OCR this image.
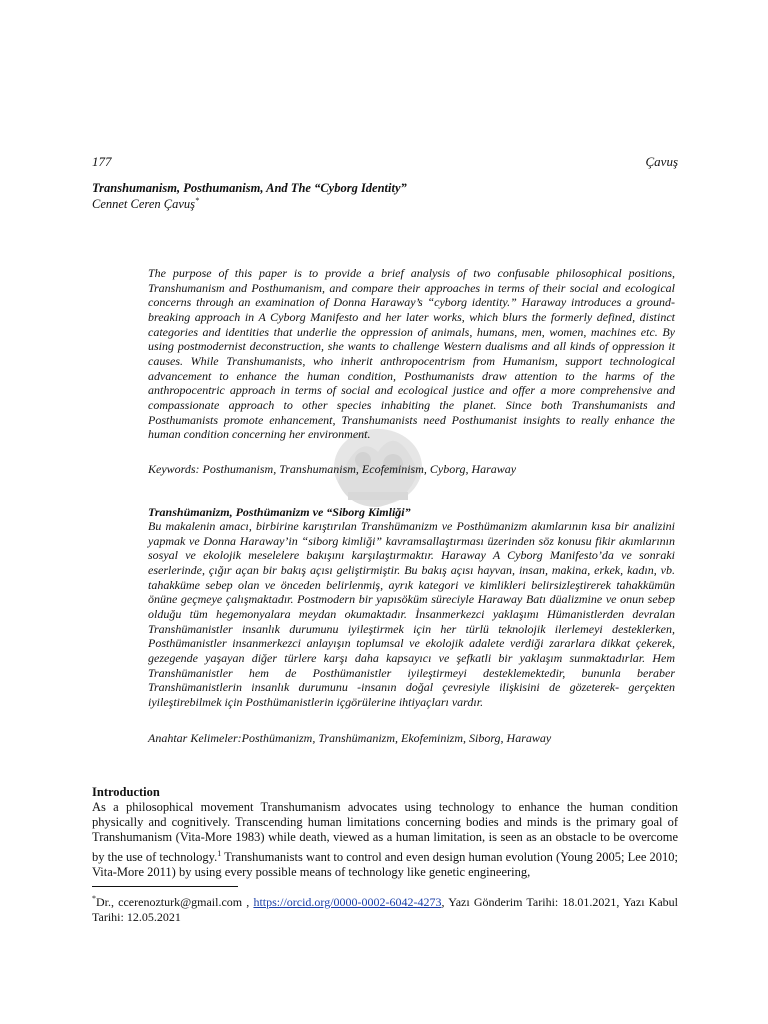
177	Çavuş
Transhumanism, Posthumanism, And The “Cyborg Identity”
Cennet Ceren Çavuş*

The purpose of this paper is to provide a brief analysis of two confusable philosophical positions, Transhumanism and Posthumanism, and compare their approaches in terms of their social and ecological concerns through an examination of Donna Haraway’s “cyborg identity.” Haraway introduces a ground-breaking approach in A Cyborg Manifesto and her later works, which blurs the formerly defined, distinct categories and identities that underlie the oppression of animals, humans, men, women, machines etc. By using postmodernist deconstruction, she wants to challenge Western dualisms and all kinds of oppression it causes. While Transhumanists, who inherit anthropocentrism from Humanism, support technological advancement to enhance the human condition, Posthumanists draw attention to the harms of the anthropocentric approach in terms of social and ecological justice and offer a more comprehensive and compassionate approach to other species inhabiting the planet. Since both Transhumanists and Posthumanists promote enhancement, Transhumanists need Posthumanist insights to really enhance the human condition concerning her environment.

Keywords: Posthumanism, Transhumanism, Ecofeminism, Cyborg, Haraway

Transhümanizm, Posthümanizm ve “Siborg Kimliği”

Bu makalenin amacı, birbirine karıştırılan Transhümanizm ve Posthümanizm akımlarının kısa bir analizini yapmak ve Donna Haraway’in “siborg kimliği” kavramsallaştırması üzerinden söz konusu fikir akımlarının sosyal ve ekolojik meselelere bakışını karşılaştırmaktır. Haraway A Cyborg Manifesto’da ve sonraki eserlerinde, çığır açan bir bakış açısı geliştirmiştir. Bu bakış açısı hayvan, insan, makina, erkek, kadın, vb. tahakküme sebep olan ve önceden belirlenmiş, ayrık kategori ve kimlikleri belirsizleştirerek tahakkümün önüne geçmeye çalışmaktadır. Postmodern bir yapısöküm süreciyle Haraway Batı düalizmine ve onun sebep olduğu tüm hegemonyalara meydan okumaktadır. İnsanmerkezci yaklaşımı Hümanistlerden devralan Transhümanistler insanlık durumunu iyileştirmek için her türlü teknolojik ilerlemeyi desteklerken, Posthümanistler insanmerkezci anlayışın toplumsal ve ekolojik adalete verdiği zararlara dikkat çekerek, gezegende yaşayan diğer türlere karşı daha kapsayıcı ve şefkatli bir yaklaşım sunmaktadırlar. Hem Transhümanistler hem de Posthümanistler iyileştirmeyi desteklemektedir, bununla beraber Transhümanistlerin insanlık durumunu -insanın doğal çevresiyle ilişkisini de gözeterek- gerçekten iyileştirebilmek için Posthümanistlerin içgörülerine ihtiyaçları vardır.

Anahtar Kelimeler:Posthümanizm, Transhümanizm, Ekofeminizm, Siborg, Haraway

Introduction

As a philosophical movement Transhumanism advocates using technology to enhance the human condition physically and cognitively. Transcending human limitations concerning bodies and minds is the primary goal of Transhumanism (Vita-More 1983) while death, viewed as a human limitation, is seen as an obstacle to be overcome by the use of technology.$^1$ Transhumanists want to control and even design human evolution (Young 2005; Lee 2010; Vita-More 2011) by using every possible means of technology like genetic engineering,

*Dr., ccerenozturk@gmail.com , https://orcid.org/0000-0002-6042-4273, Yazı Gönderim Tarihi: 18.01.2021, Yazı Kabul Tarihi: 12.05.2021
